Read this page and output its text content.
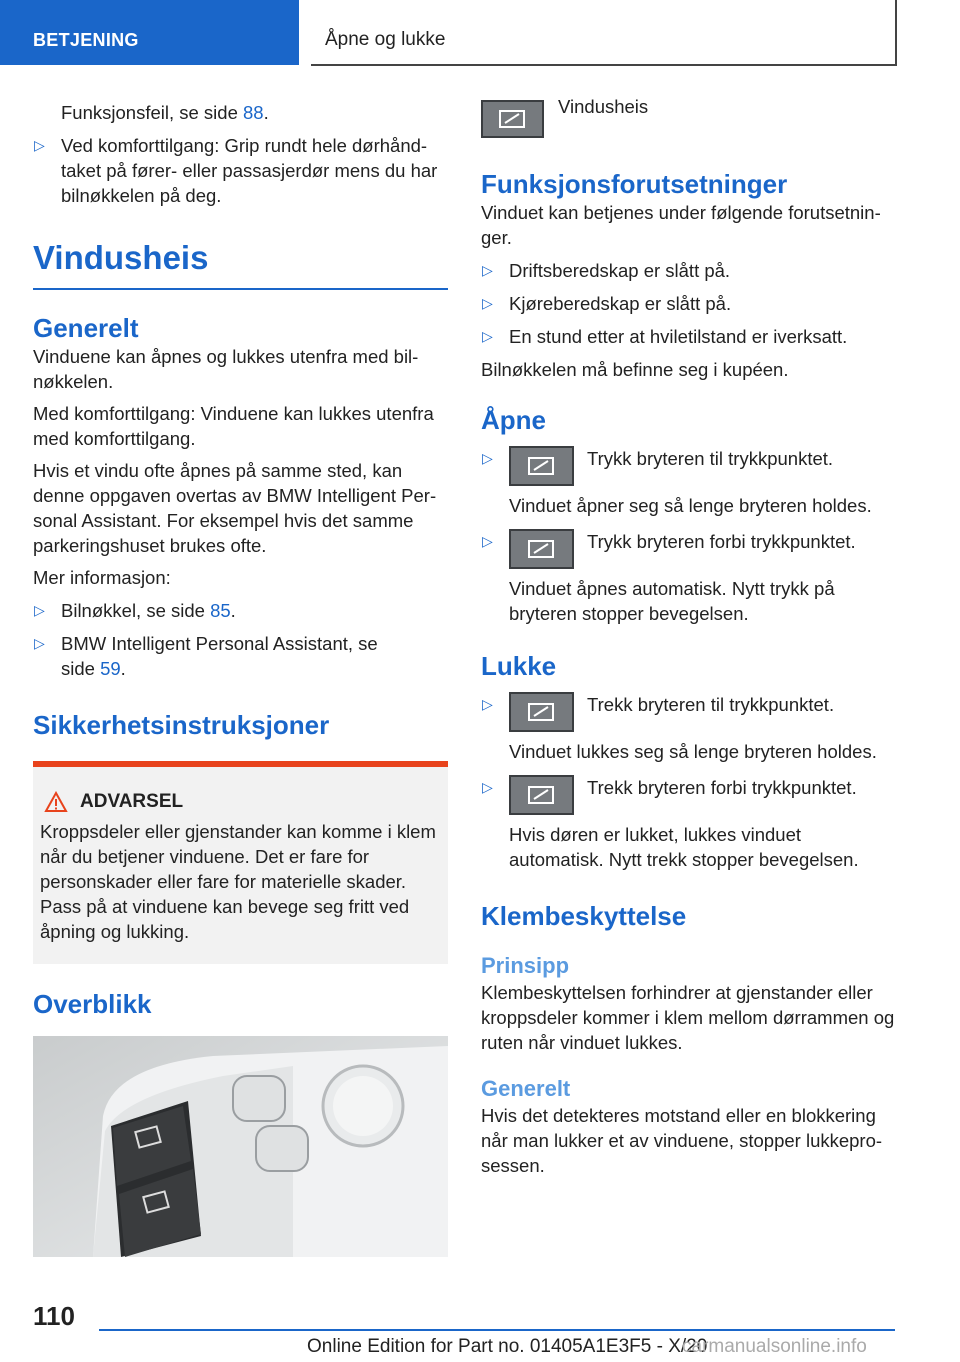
BETJENING	Åpne og lukke

Funksjonsfeil, se side 88.

▷ Ved komforttilgang: Grip rundt hele dørhånd-taket på fører- eller passasjerdør mens du har bilnøkkelen på deg.
Vindusheis
Generelt

Vinduene kan åpnes og lukkes utenfra med bil-nøkkelen.

Med komforttilgang: Vinduene kan lukkes utenfra med komforttilgang.

Hvis et vindu ofte åpnes på samme sted, kan denne oppgaven overtas av BMW Intelligent Per-sonal Assistant. For eksempel hvis det samme parkeringshuset brukes ofte.

Mer informasjon:

▷ Bilnøkkel, se side 85.
▷ BMW Intelligent Personal Assistant, se side 59.
Sikkerhetsinstruksjoner
ADVARSEL

Kroppsdeler eller gjenstander kan komme i klem når du betjener vinduene. Det er fare for personskader eller fare for materielle skader. Pass på at vinduene kan bevege seg fritt ved åpning og lukking.

Overblikk
Vindusheis
Funksjonsforutsetninger

Vinduet kan betjenes under følgende forutsetnin-ger.

▷ Driftsberedskap er slått på.
▷ Kjøreberedskap er slått på.
▷ En stund etter at hviletilstand er iverksatt.

Bilnøkkelen må befinne seg i kupéen.

Åpne
▷	Trykk bryteren til trykkpunktet.
Vinduet åpner seg så lenge bryteren holdes.
▷	Trykk bryteren forbi trykkpunktet.
Vinduet åpnes automatisk. Nytt trykk på bryteren stopper bevegelsen.
Lukke
▷	Trekk bryteren til trykkpunktet.
Vinduet lukkes seg så lenge bryteren holdes.
▷	Trekk bryteren forbi trykkpunktet.
Hvis døren er lukket, lukkes vinduet automatisk. Nytt trekk stopper bevegelsen.
Klembeskyttelse
Prinsipp

Klembeskyttelsen forhindrer at gjenstander eller kroppsdeler kommer i klem mellom dørrammen og ruten når vinduet lukkes.

Generelt

Hvis det detekteres motstand eller en blokkering når man lukker et av vinduene, stopper lukkepro-sessen.

110
Online Edition for Part no. 01405A1E3F5 - X/20
carmanualsonline.info
